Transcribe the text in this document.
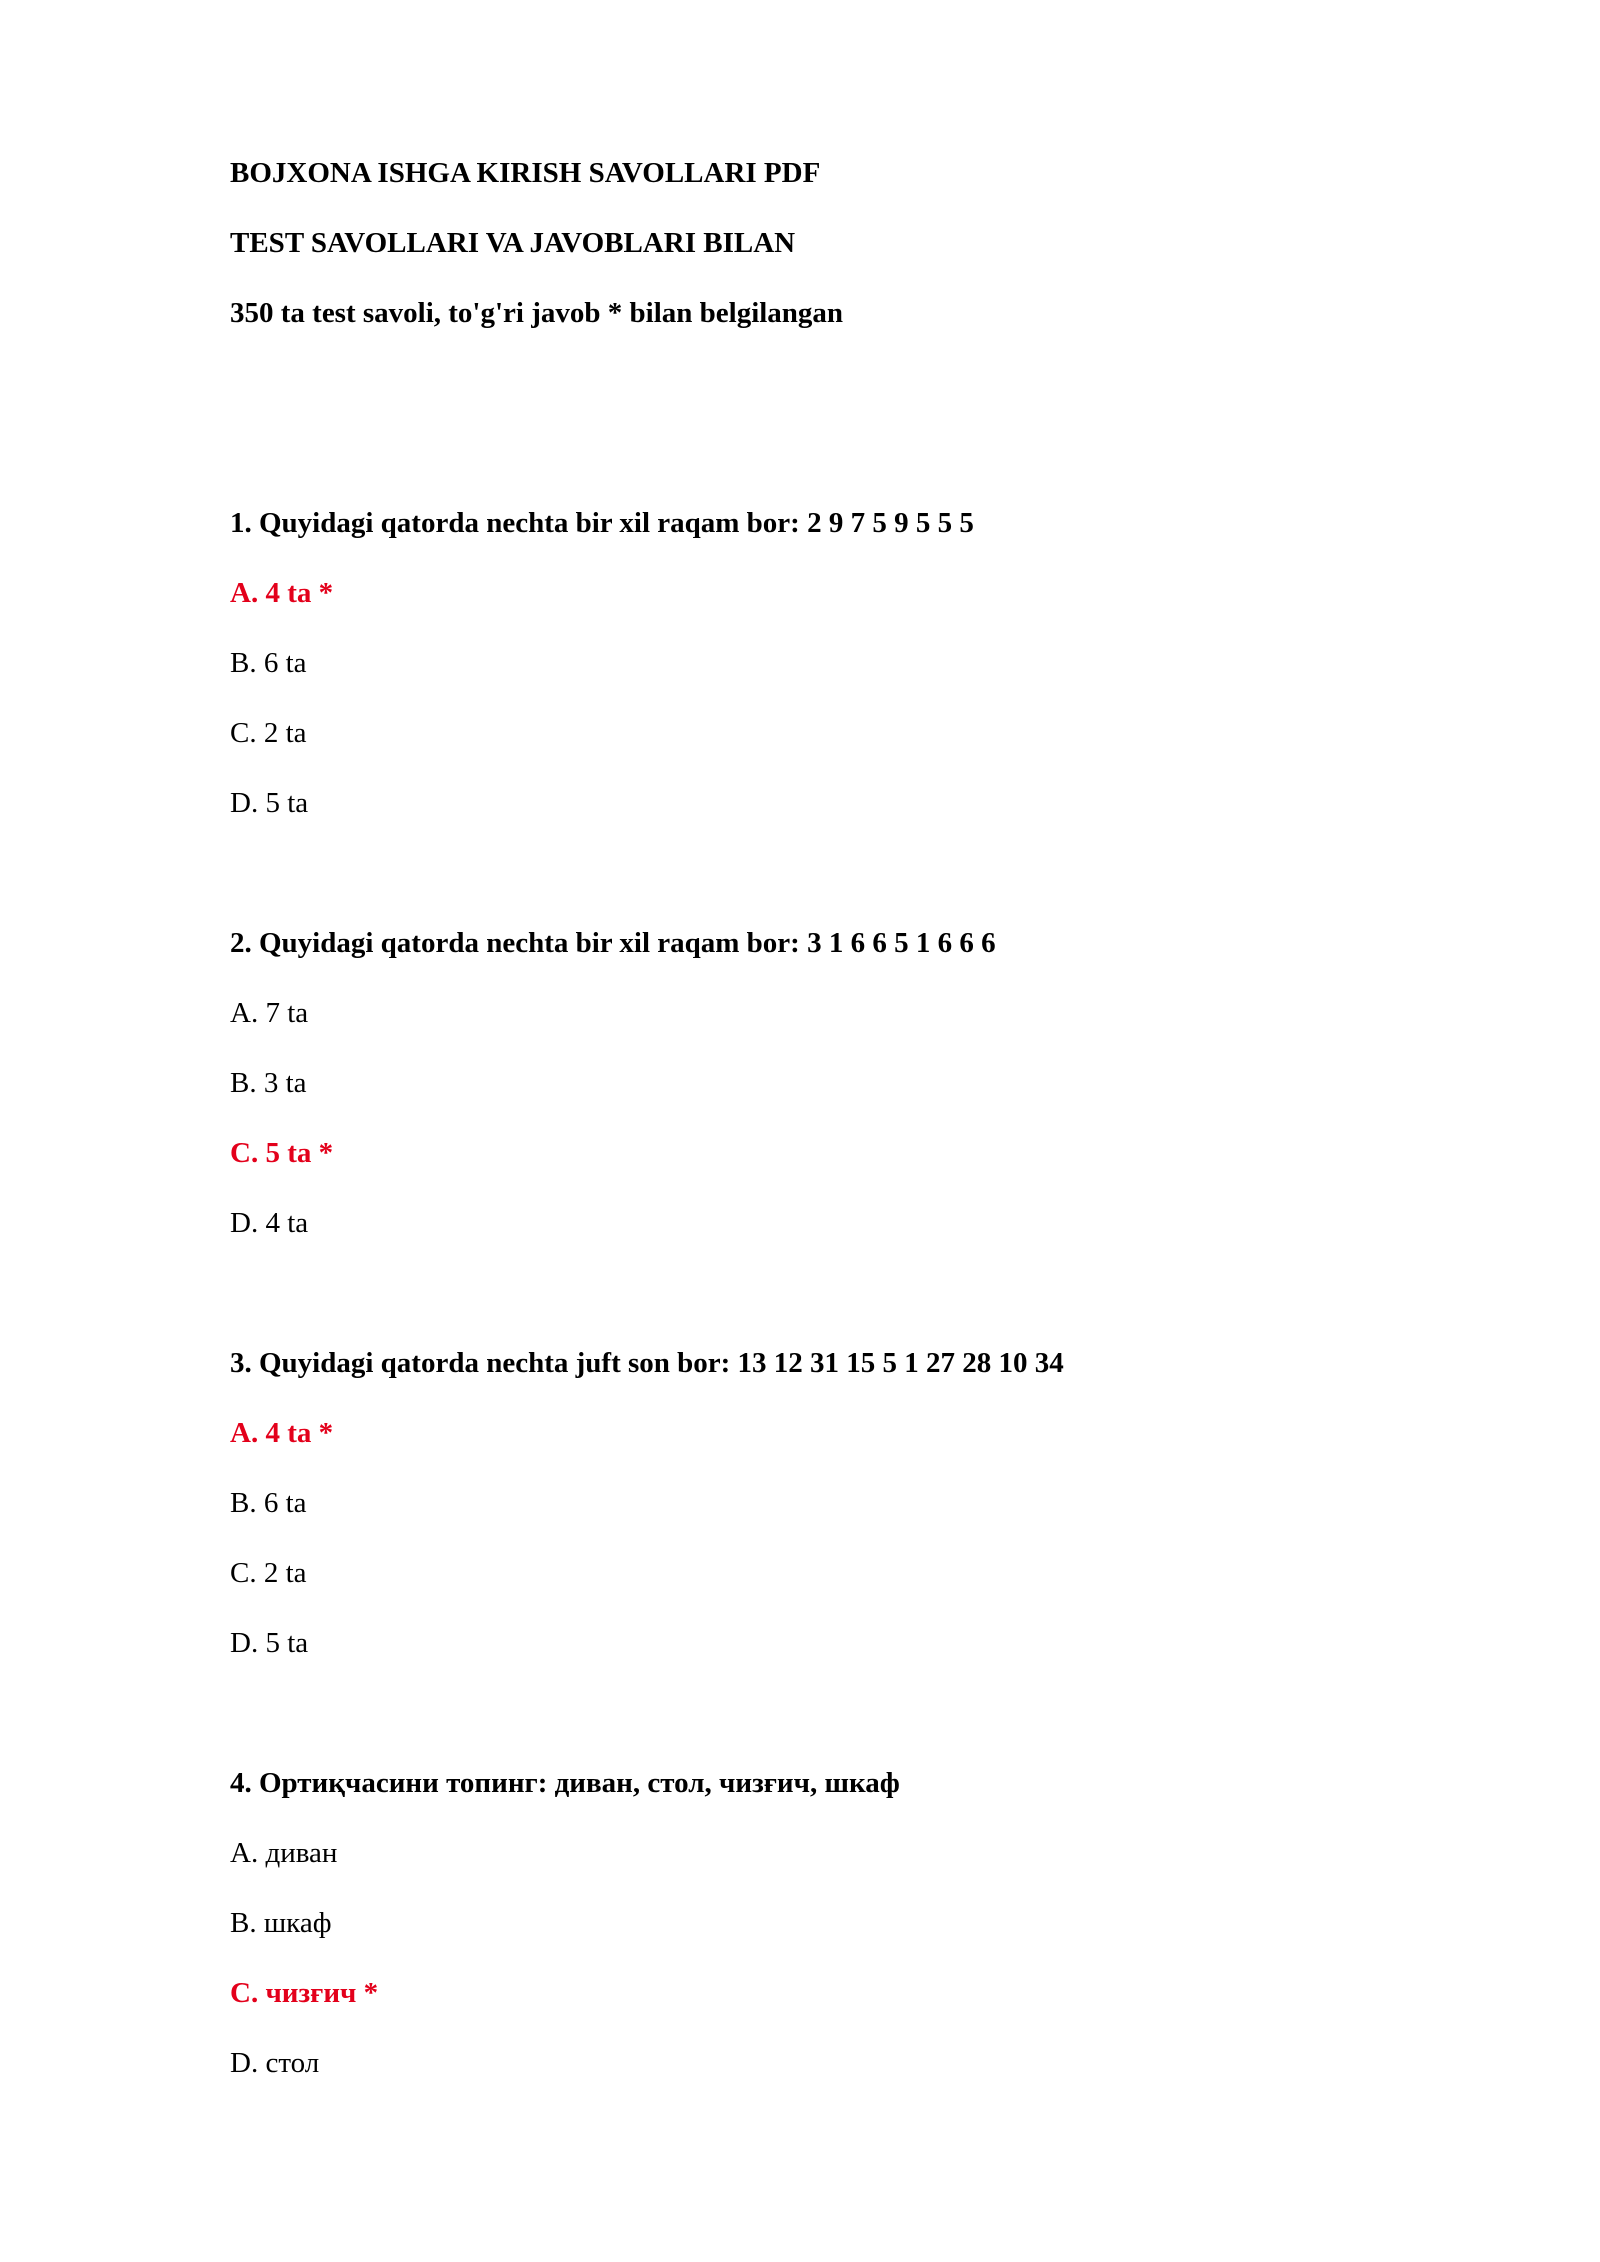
BOJXONA ISHGA KIRISH SAVOLLARI PDF
TEST SAVOLLARI VA JAVOBLARI BILAN
350 ta test savoli, to'g'ri javob * bilan belgilangan
1. Quyidagi qatorda nechta bir xil raqam bor: 2 9 7 5 9 5 5 5
A. 4 ta *
B. 6 ta
C. 2 ta
D. 5 ta
2. Quyidagi qatorda nechta bir xil raqam bor: 3 1 6 6 5 1 6 6 6
A. 7 ta
B. 3 ta
C. 5 ta *
D. 4 ta
3. Quyidagi qatorda nechta juft son bor: 13 12 31 15 5 1 27 28 10 34
A. 4 ta *
B. 6 ta
C. 2 ta
D. 5 ta
4. Ортиқчасини топинг: диван, стол, чизғич, шкаф
A. диван
B. шкаф
C. чизғич *
D. стол
